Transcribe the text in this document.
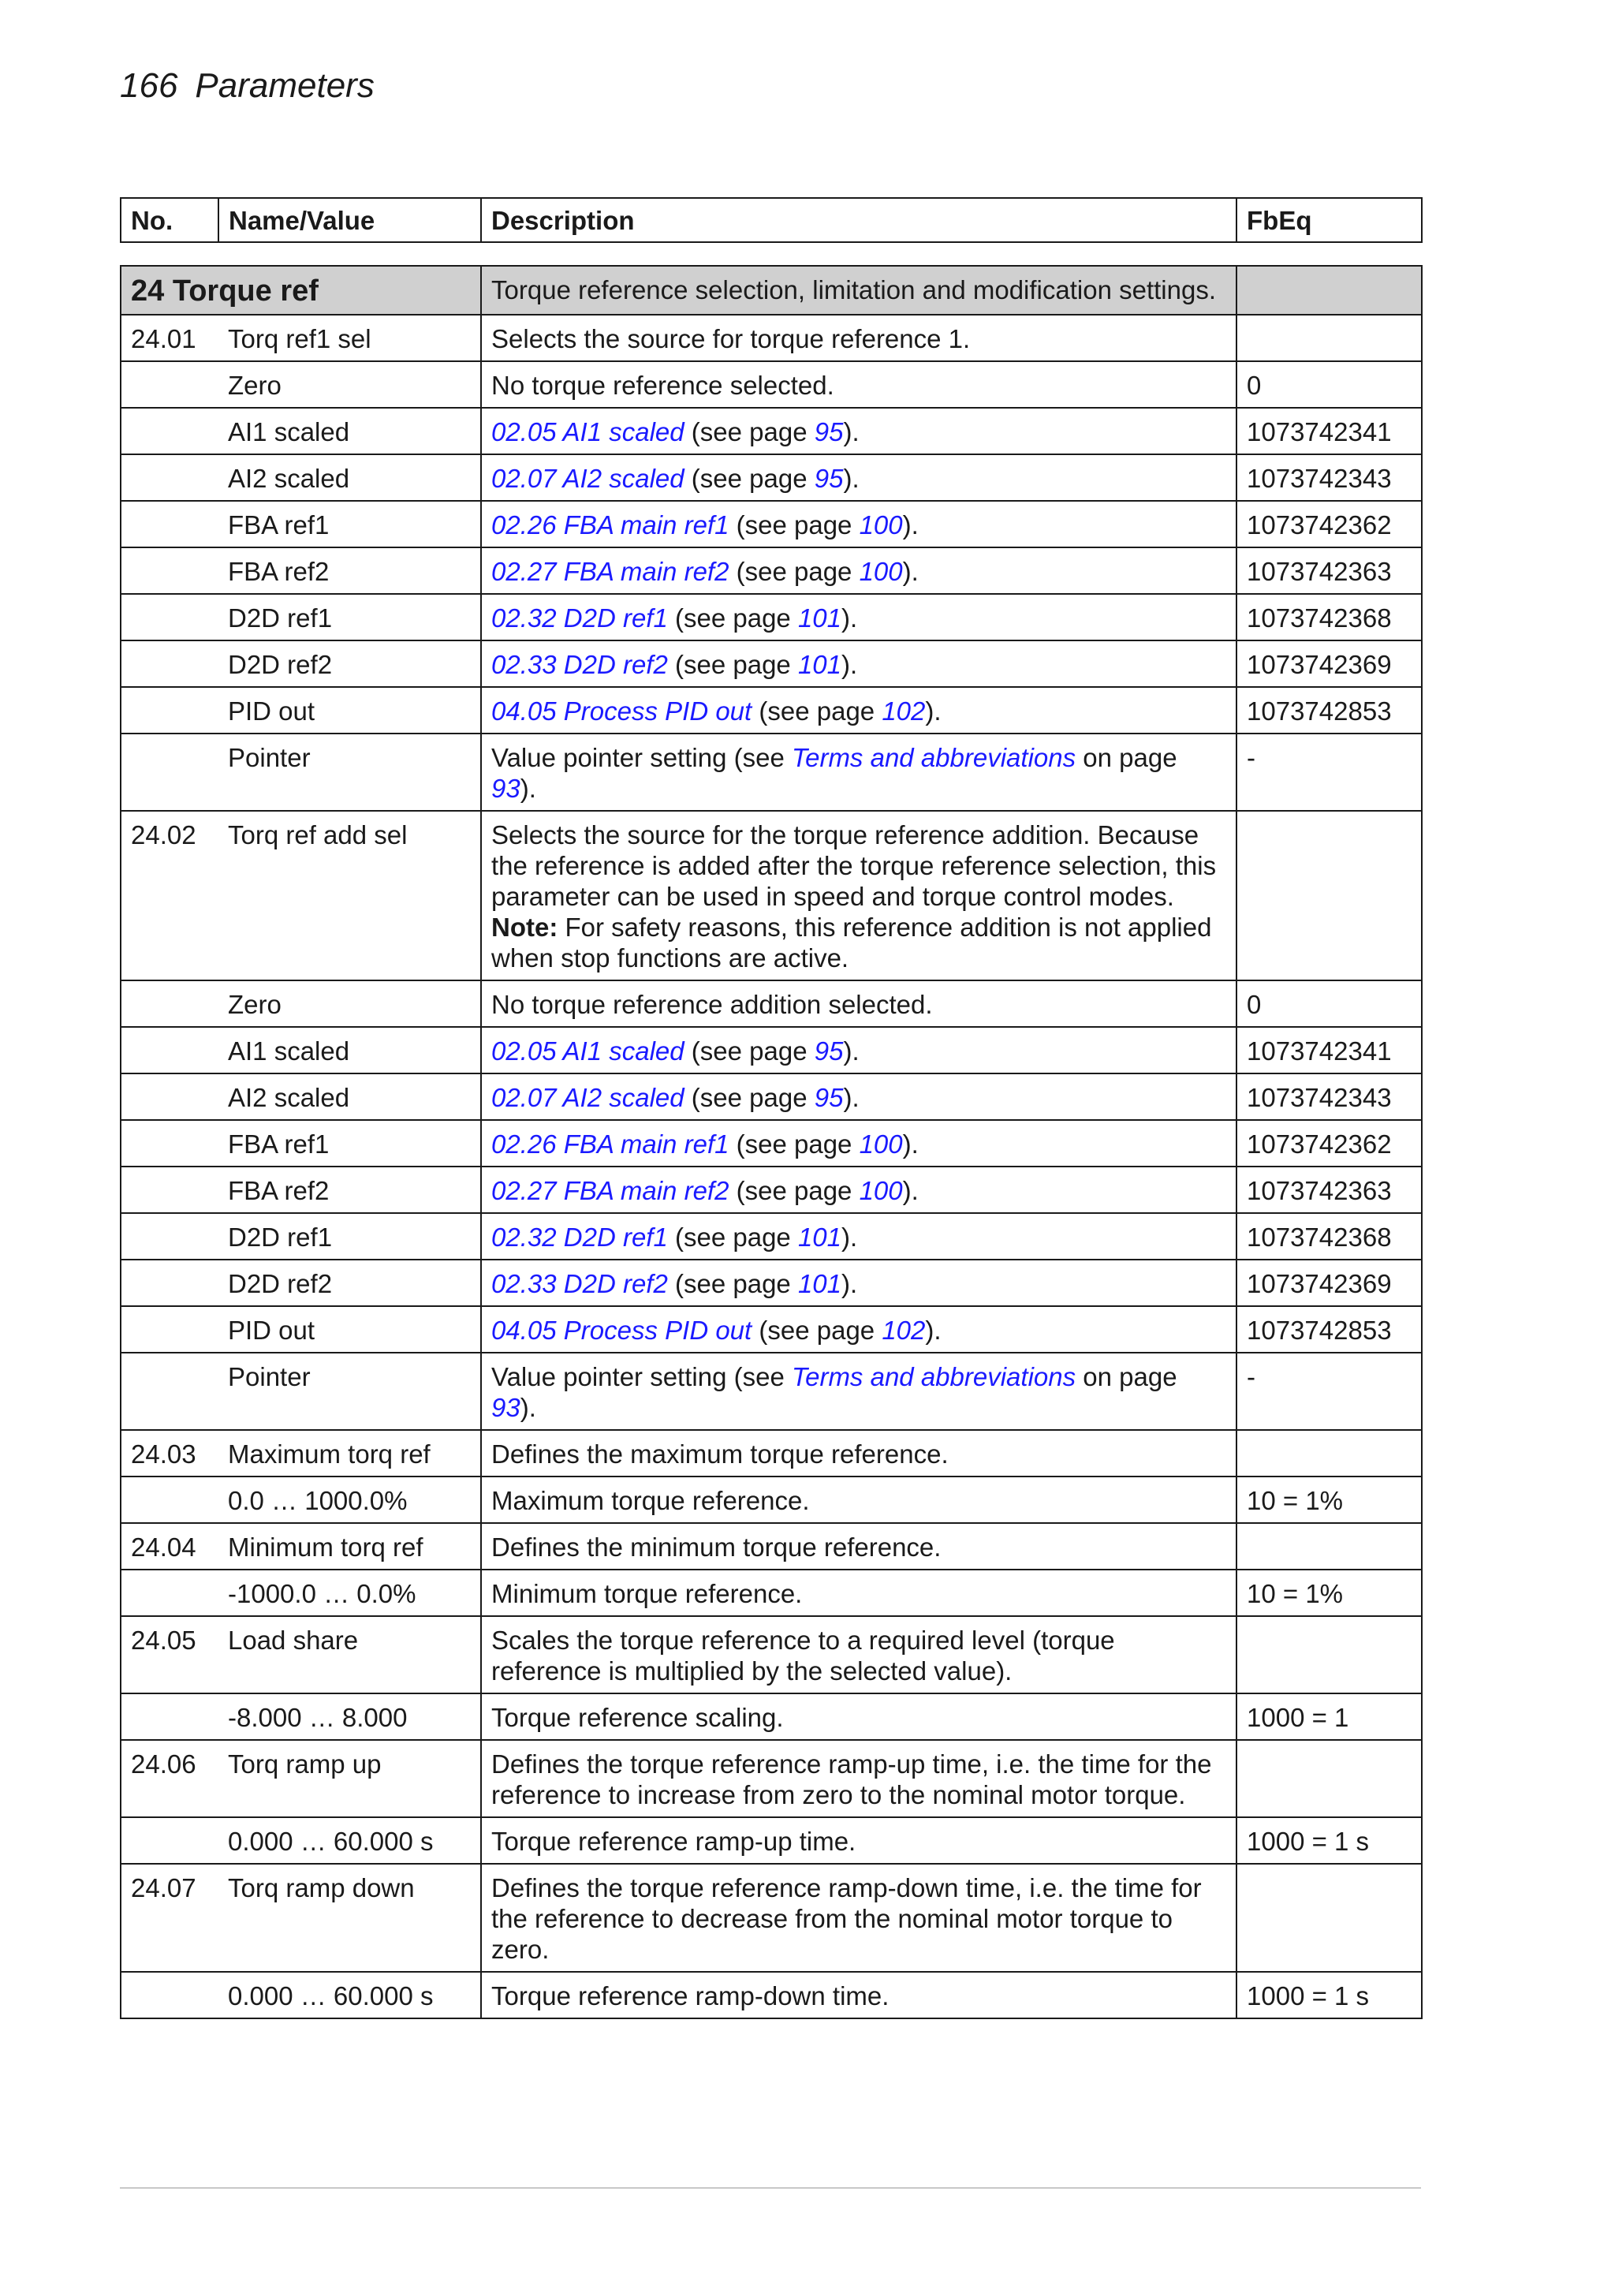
166 Parameters
No.	Name/Value	Description	FbEq
24 Torque ref		Torque reference selection, limitation and modification settings.	
24.01	Torq ref1 sel	Selects the source for torque reference 1.	
	Zero	No torque reference selected.	0
	AI1 scaled	02.05 AI1 scaled (see page 95).	1073742341
	AI2 scaled	02.07 AI2 scaled (see page 95).	1073742343
	FBA ref1	02.26 FBA main ref1 (see page 100).	1073742362
	FBA ref2	02.27 FBA main ref2 (see page 100).	1073742363
	D2D ref1	02.32 D2D ref1 (see page 101).	1073742368
	D2D ref2	02.33 D2D ref2 (see page 101).	1073742369
	PID out	04.05 Process PID out (see page 102).	1073742853
	Pointer	Value pointer setting (see Terms and abbreviations on page 93).	-
24.02	Torq ref add sel	Selects the source for the torque reference addition. Because the reference is added after the torque reference selection, this parameter can be used in speed and torque control modes.
Note: For safety reasons, this reference addition is not applied when stop functions are active.	
	Zero	No torque reference addition selected.	0
	AI1 scaled	02.05 AI1 scaled (see page 95).	1073742341
	AI2 scaled	02.07 AI2 scaled (see page 95).	1073742343
	FBA ref1	02.26 FBA main ref1 (see page 100).	1073742362
	FBA ref2	02.27 FBA main ref2 (see page 100).	1073742363
	D2D ref1	02.32 D2D ref1 (see page 101).	1073742368
	D2D ref2	02.33 D2D ref2 (see page 101).	1073742369
	PID out	04.05 Process PID out (see page 102).	1073742853
	Pointer	Value pointer setting (see Terms and abbreviations on page 93).	-
24.03	Maximum torq ref	Defines the maximum torque reference.	
	0.0 … 1000.0%	Maximum torque reference.	10 = 1%
24.04	Minimum torq ref	Defines the minimum torque reference.	
	-1000.0 … 0.0%	Minimum torque reference.	10 = 1%
24.05	Load share	Scales the torque reference to a required level (torque reference is multiplied by the selected value).	
	-8.000 … 8.000	Torque reference scaling.	1000 = 1
24.06	Torq ramp up	Defines the torque reference ramp-up time, i.e. the time for the reference to increase from zero to the nominal motor torque.	
	0.000 … 60.000 s	Torque reference ramp-up time.	1000 = 1 s
24.07	Torq ramp down	Defines the torque reference ramp-down time, i.e. the time for the reference to decrease from the nominal motor torque to zero.	
	0.000 … 60.000 s	Torque reference ramp-down time.	1000 = 1 s
